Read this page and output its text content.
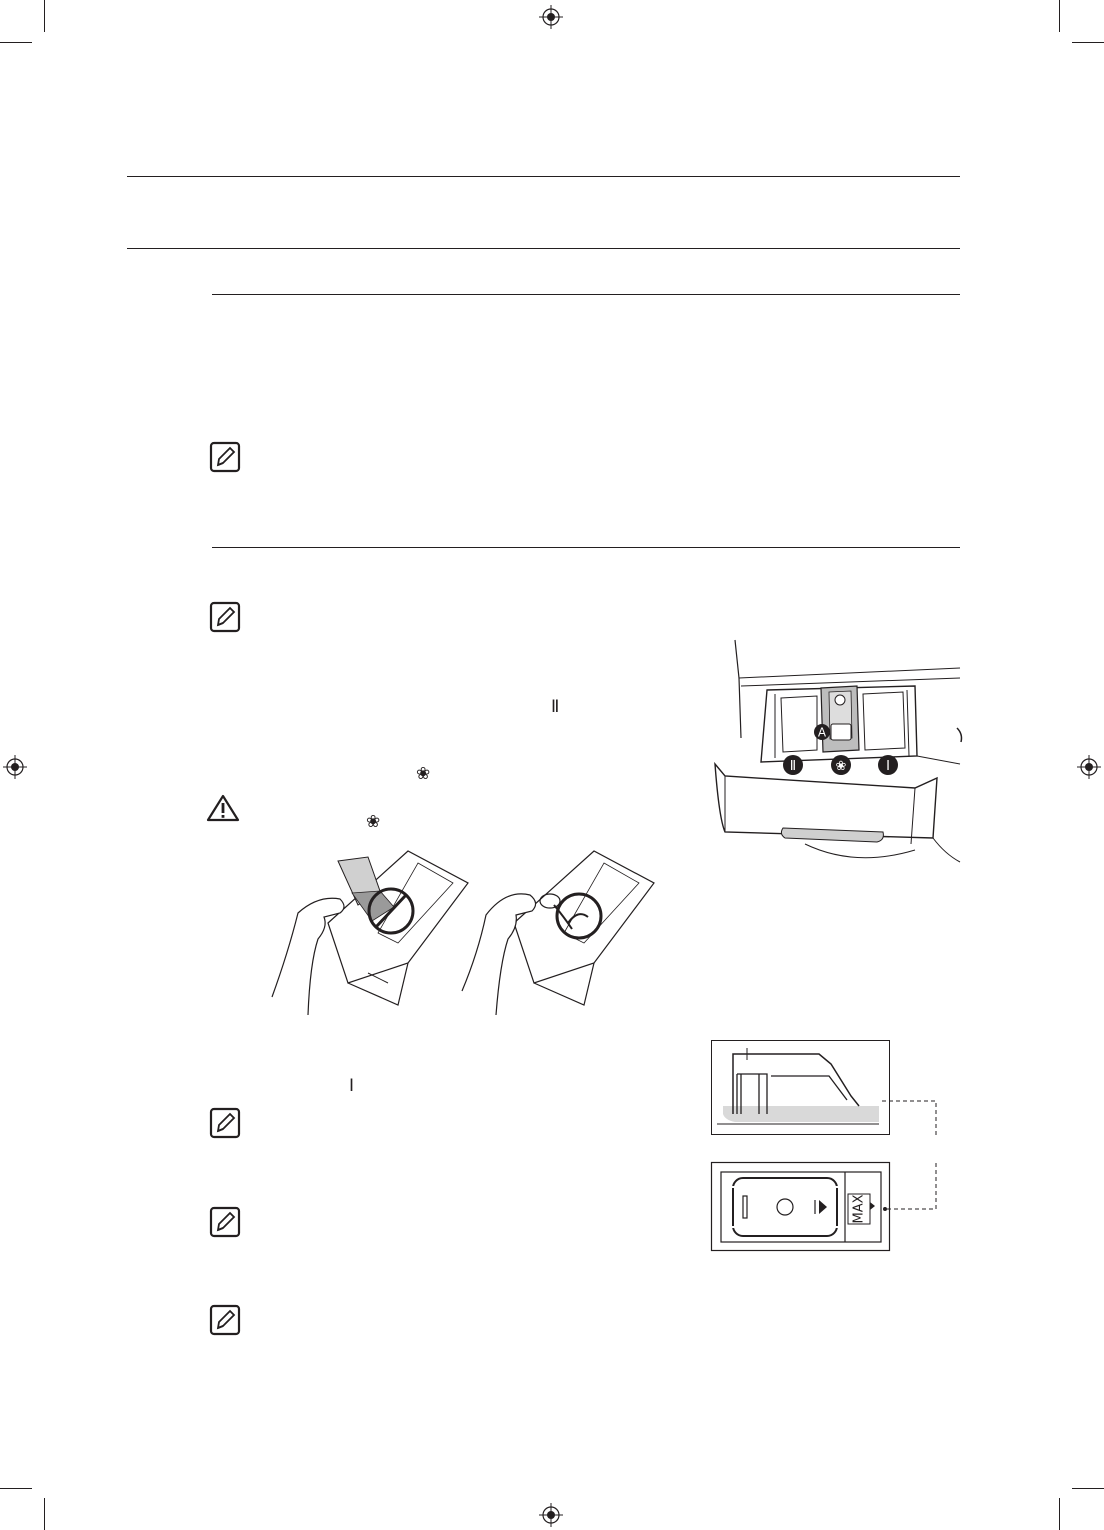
Ⅱ
❀
❀
Ⅰ
A
Ⅱ	❀	Ⅰ
MAX
